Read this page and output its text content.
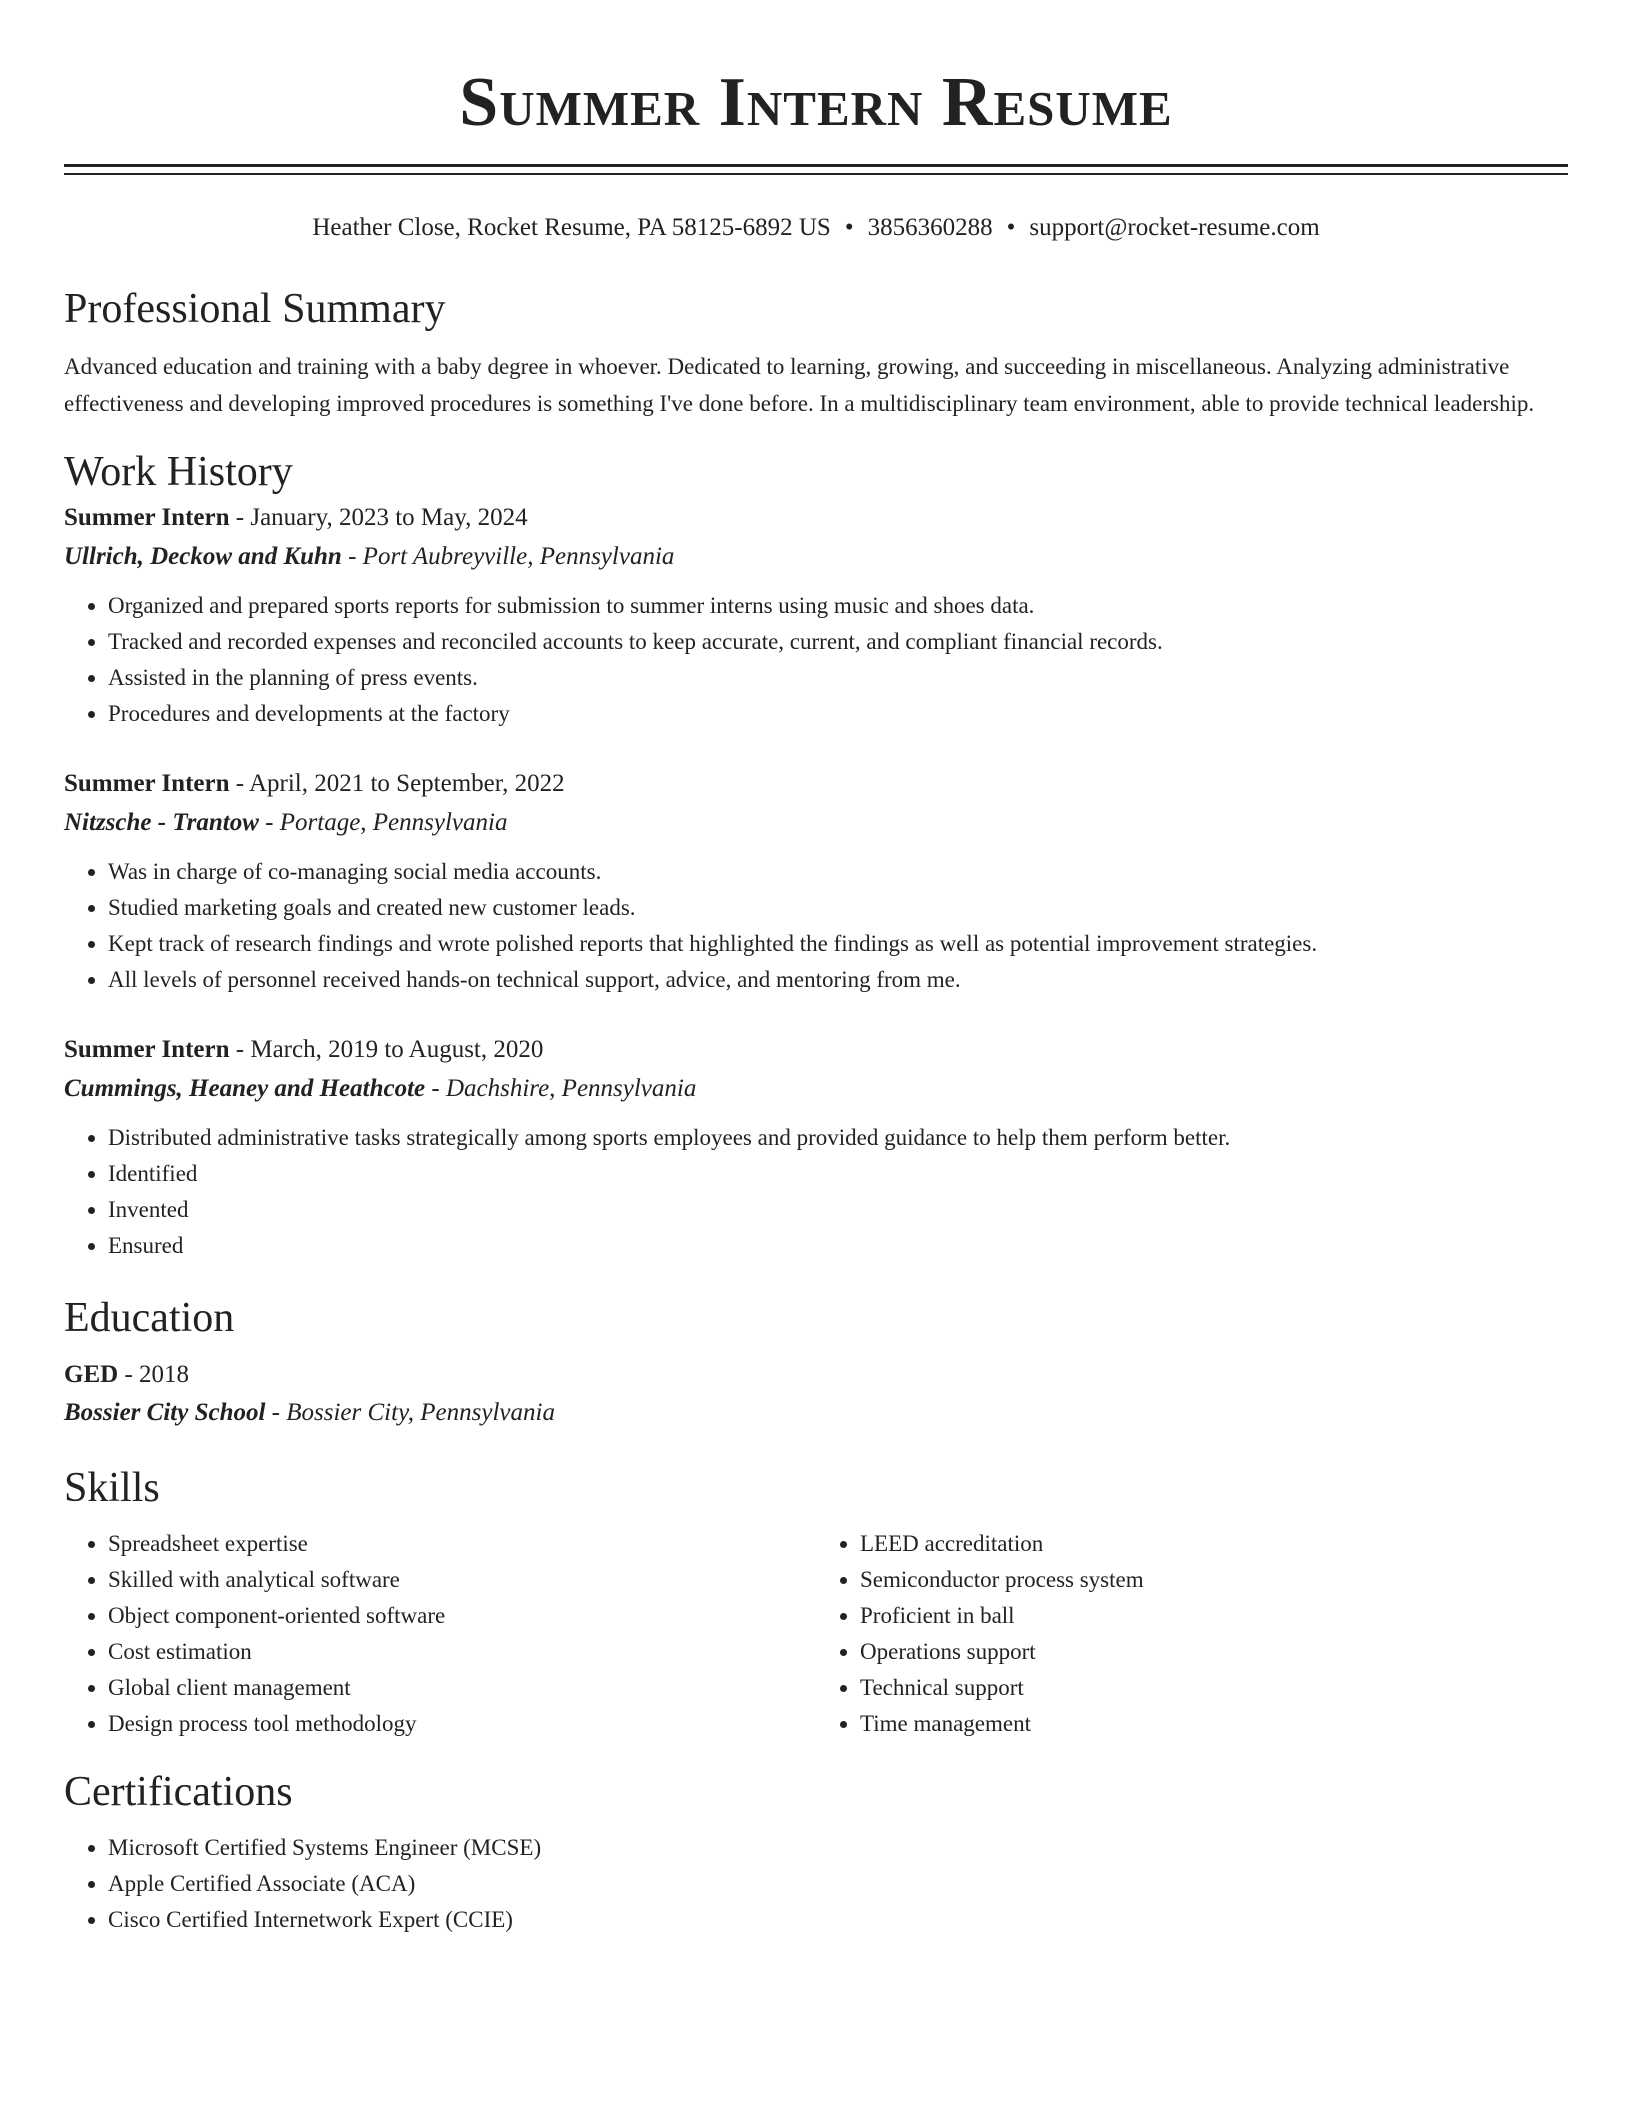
Summer Intern Resume
Heather Close, Rocket Resume, PA 58125-6892 US • 3856360288 • support@rocket-resume.com
Professional Summary
Advanced education and training with a baby degree in whoever. Dedicated to learning, growing, and succeeding in miscellaneous. Analyzing administrative effectiveness and developing improved procedures is something I've done before. In a multidisciplinary team environment, able to provide technical leadership.
Work History
Summer Intern - January, 2023 to May, 2024
Ullrich, Deckow and Kuhn - Port Aubreyville, Pennsylvania
• Organized and prepared sports reports for submission to summer interns using music and shoes data.
• Tracked and recorded expenses and reconciled accounts to keep accurate, current, and compliant financial records.
• Assisted in the planning of press events.
• Procedures and developments at the factory
Summer Intern - April, 2021 to September, 2022
Nitzsche - Trantow - Portage, Pennsylvania
• Was in charge of co-managing social media accounts.
• Studied marketing goals and created new customer leads.
• Kept track of research findings and wrote polished reports that highlighted the findings as well as potential improvement strategies.
• All levels of personnel received hands-on technical support, advice, and mentoring from me.
Summer Intern - March, 2019 to August, 2020
Cummings, Heaney and Heathcote - Dachshire, Pennsylvania
• Distributed administrative tasks strategically among sports employees and provided guidance to help them perform better.
• Identified
• Invented
• Ensured
Education
GED - 2018
Bossier City School - Bossier City, Pennsylvania
Skills
• Spreadsheet expertise
• Skilled with analytical software
• Object component-oriented software
• Cost estimation
• Global client management
• Design process tool methodology
• LEED accreditation
• Semiconductor process system
• Proficient in ball
• Operations support
• Technical support
• Time management
Certifications
• Microsoft Certified Systems Engineer (MCSE)
• Apple Certified Associate (ACA)
• Cisco Certified Internetwork Expert (CCIE)
